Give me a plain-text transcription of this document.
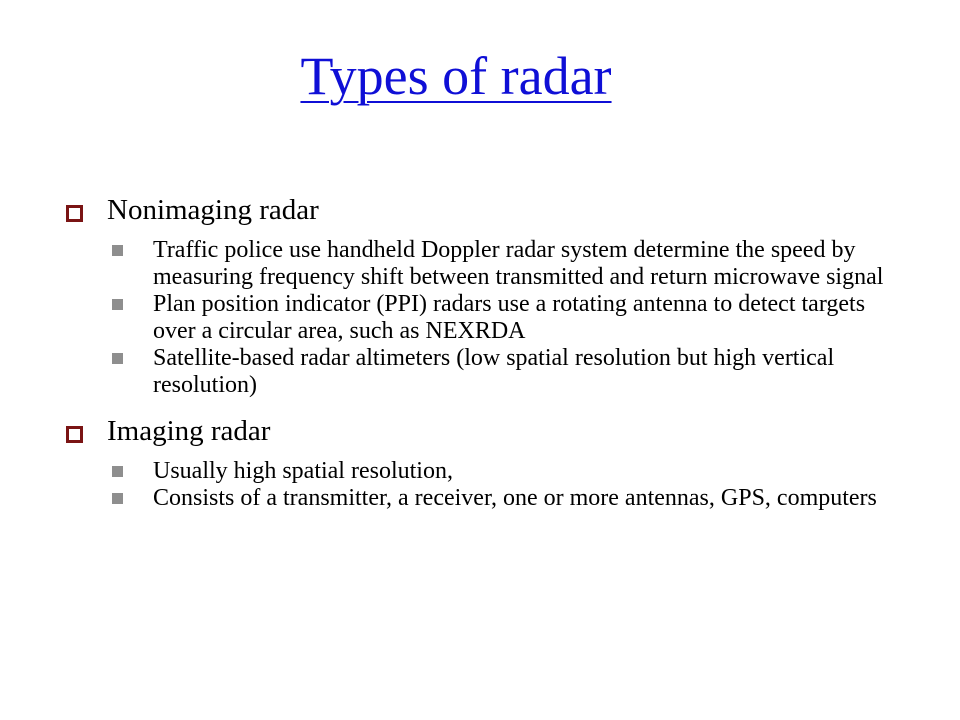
Types of radar
Nonimaging radar
Traffic police use handheld Doppler radar system determine the speed by measuring frequency shift between transmitted and return microwave signal
Plan position indicator (PPI) radars use a rotating antenna to detect targets over a circular area, such as NEXRDA
Satellite-based radar altimeters (low spatial resolution but high vertical resolution)
Imaging radar
Usually high spatial resolution,
Consists of a transmitter, a receiver, one or more antennas, GPS, computers
